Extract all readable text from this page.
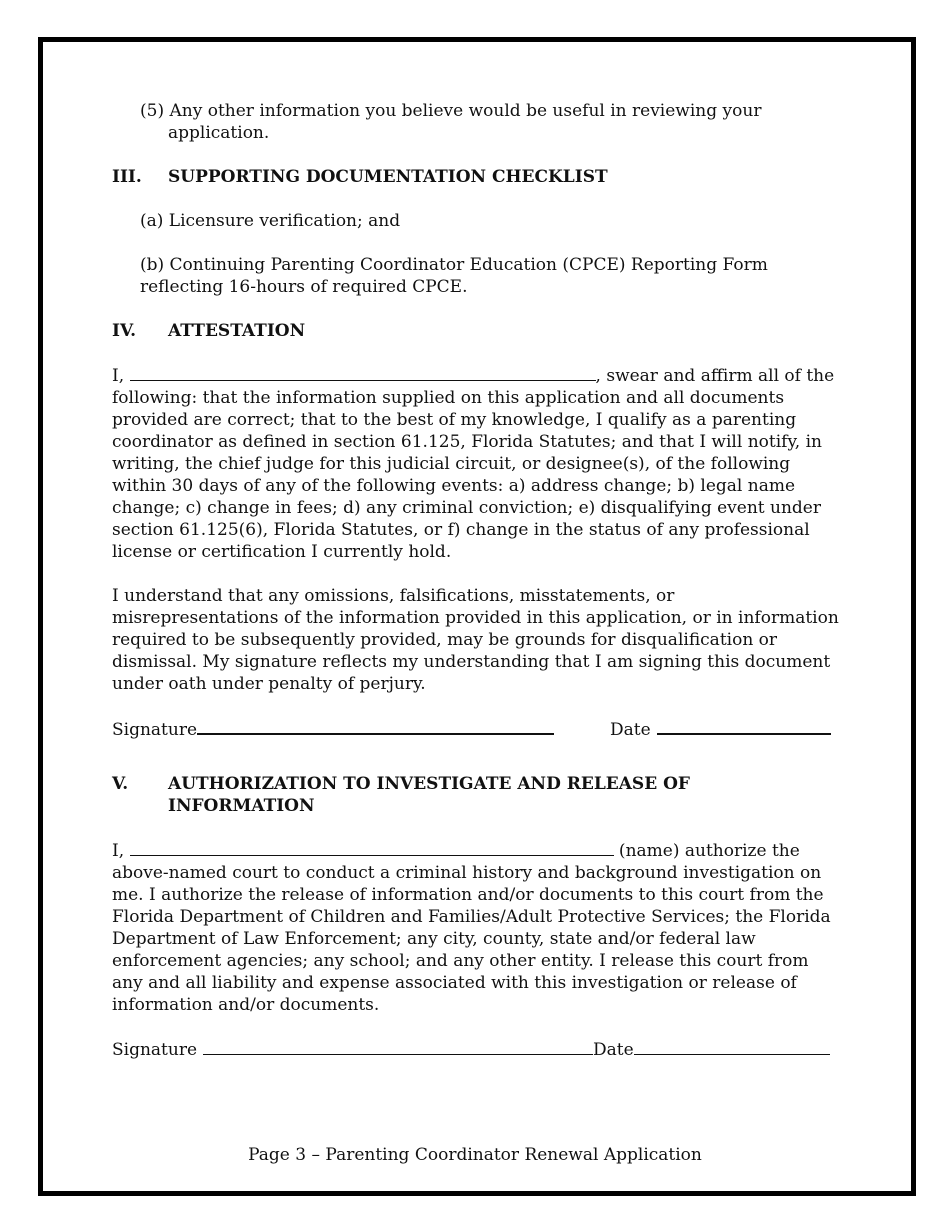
(5) Any other information you believe would be useful in reviewing your application.

III.	SUPPORTING DOCUMENTATION CHECKLIST

(a) Licensure verification; and

(b) Continuing Parenting Coordinator Education (CPCE) Reporting Form reflecting 16-hours of required CPCE.

IV.	ATTESTATION

I,	, swear and affirm all of the following: that the information supplied on this application and all documents provided are correct; that to the best of my knowledge, I qualify as a parenting coordinator as defined in section 61.125, Florida Statutes; and that I will notify, in writing, the chief judge for this judicial circuit, or designee(s), of the following within 30 days of any of the following events: a) address change; b) legal name change; c) change in fees; d) any criminal conviction; e) disqualifying event under section 61.125(6), Florida Statutes, or f) change in the status of any professional license or certification I currently hold.

I understand that any omissions, falsifications, misstatements, or misrepresentations of the information provided in this application, or in information required to be subsequently provided, may be grounds for disqualification or dismissal. My signature reflects my understanding that I am signing this document under oath under penalty of perjury.

Signature	Date
V.	AUTHORIZATION TO INVESTIGATE AND RELEASE OF INFORMATION

I,	(name) authorize the above-named court to conduct a criminal history and background investigation on me. I authorize the release of information and/or documents to this court from the Florida Department of Children and Families/Adult Protective Services; the Florida Department of Law Enforcement; any city, county, state and/or federal law enforcement agencies; any school; and any other entity. I release this court from any and all liability and expense associated with this investigation or release of information and/or documents.

Signature	Date
Page 3 – Parenting Coordinator Renewal Application
